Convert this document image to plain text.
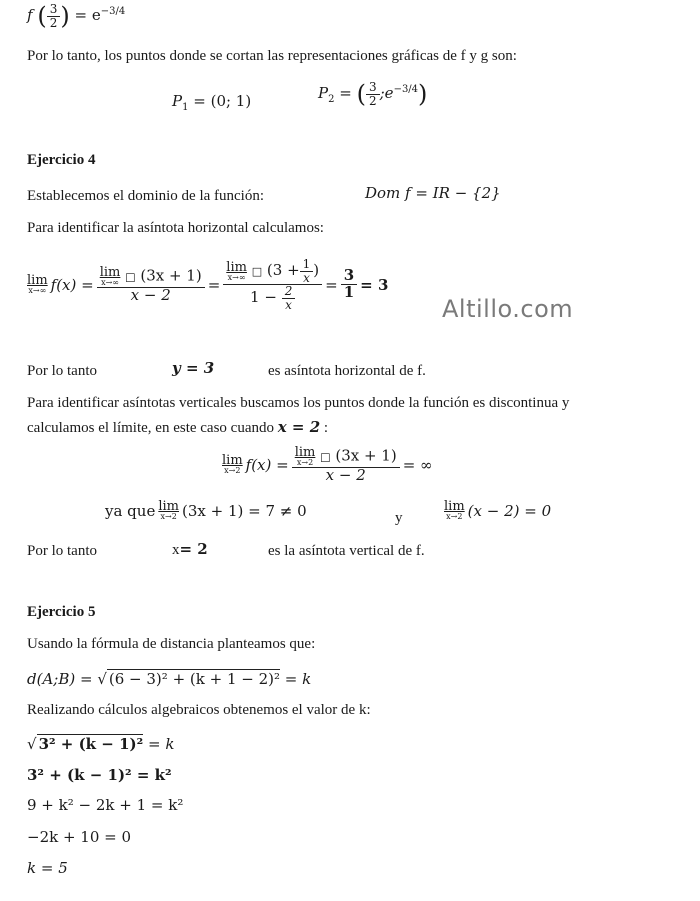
f ( $\frac{3}{2}$ ) = $e^{-3/4}$
Por lo tanto, los puntos donde se cortan las representaciones gráficas de f y g son:
$P_1 = (0$; 1)	$P_2$ = ( $\frac{3}{2}$ $;e^{-3/4}$)
Ejercicio 4
Establecemos el dominio de la función:	Dom f = IR − {2}
Para identificar la asíntota horizontal calculamos:
lim
x→∞ f(x) = lim
x→∞ □ (3x + 1)
x − 2 = lim
x→∞ □ ($3 + \frac{1}{x}$ )
$1 - \frac{2}{x} = \frac{3}{1} = 3$
Altillo.com
Por lo tanto	y = 3	es asíntota horizontal de f.
Para identificar asíntotas verticales buscamos los puntos donde la función es discontinua y
calculamos el límite, en este caso cuando x = 2 :
lim
x→2 f(x) = lim
x→2 □ (3x + 1)
x − 2 = ∞
ya que lim
x→2 (3x + 1) = 7 ≠ 0	y
lim
x→2 (x − 2) = 0
Por lo tanto	x= 2	es la asíntota vertical de f.
Ejercicio 5
Usando la fórmula de distancia planteamos que:
d(A;B) = √ (6 − 3)² + (k + 1 − 2)² = k
Realizando cálculos algebraicos obtenemos el valor de k:
√ 3² + (k − 1)² = k
3² + (k − 1)² = k²
9 + k² − 2k + 1 = k²
−2k + 10 = 0
k = 5
